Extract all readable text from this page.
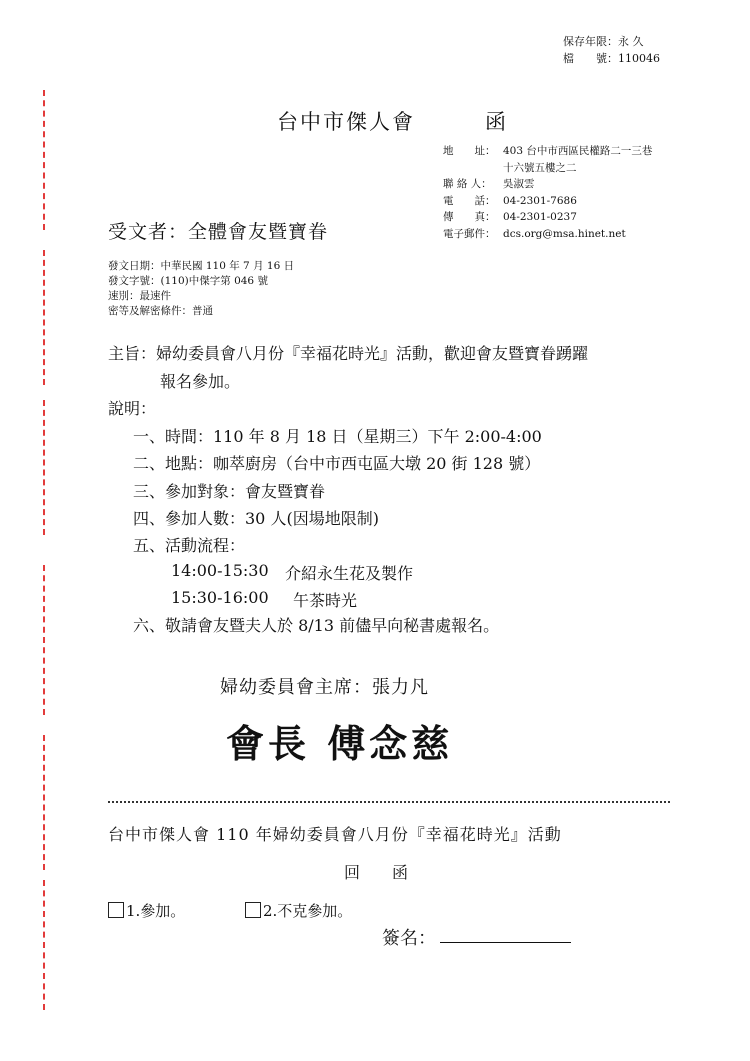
保存年限：永 久
檔　　號：110046
台中市傑人會	函
地　　址： 403 台中市西區民權路二一三巷
十六號五樓之二
聯 絡 人：	吳淑雲
電　　話： 04-2301-7686
傳　　真： 04-2301-0237
電子郵件： dcs.org@msa.hinet.net
受文者：全體會友暨寶眷
發文日期：中華民國 110 年 7 月 16 日
發文字號：(110)中傑字第 046 號
速別：最速件
密等及解密條件：普通
主旨：婦幼委員會八月份『幸福花時光』活動，歡迎會友暨寶眷踴躍
報名參加。
說明：
一、時間：110 年 8 月 18 日（星期三）下午 2:00-4:00
二、地點：咖萃廚房（台中市西屯區大墩 20 街 128 號）
三、參加對象：會友暨寶眷
四、參加人數：30 人(因場地限制)
五、活動流程：
14:00-15:30 介紹永生花及製作
15:30-16:00 午茶時光
六、敬請會友暨夫人於 8/13 前儘早向秘書處報名。
婦幼委員會主席：張力凡
會長 傅念慈
台中市傑人會 110 年婦幼委員會八月份『幸福花時光』活動
回　　函
1.參加。	2.不克參加。
簽名：
